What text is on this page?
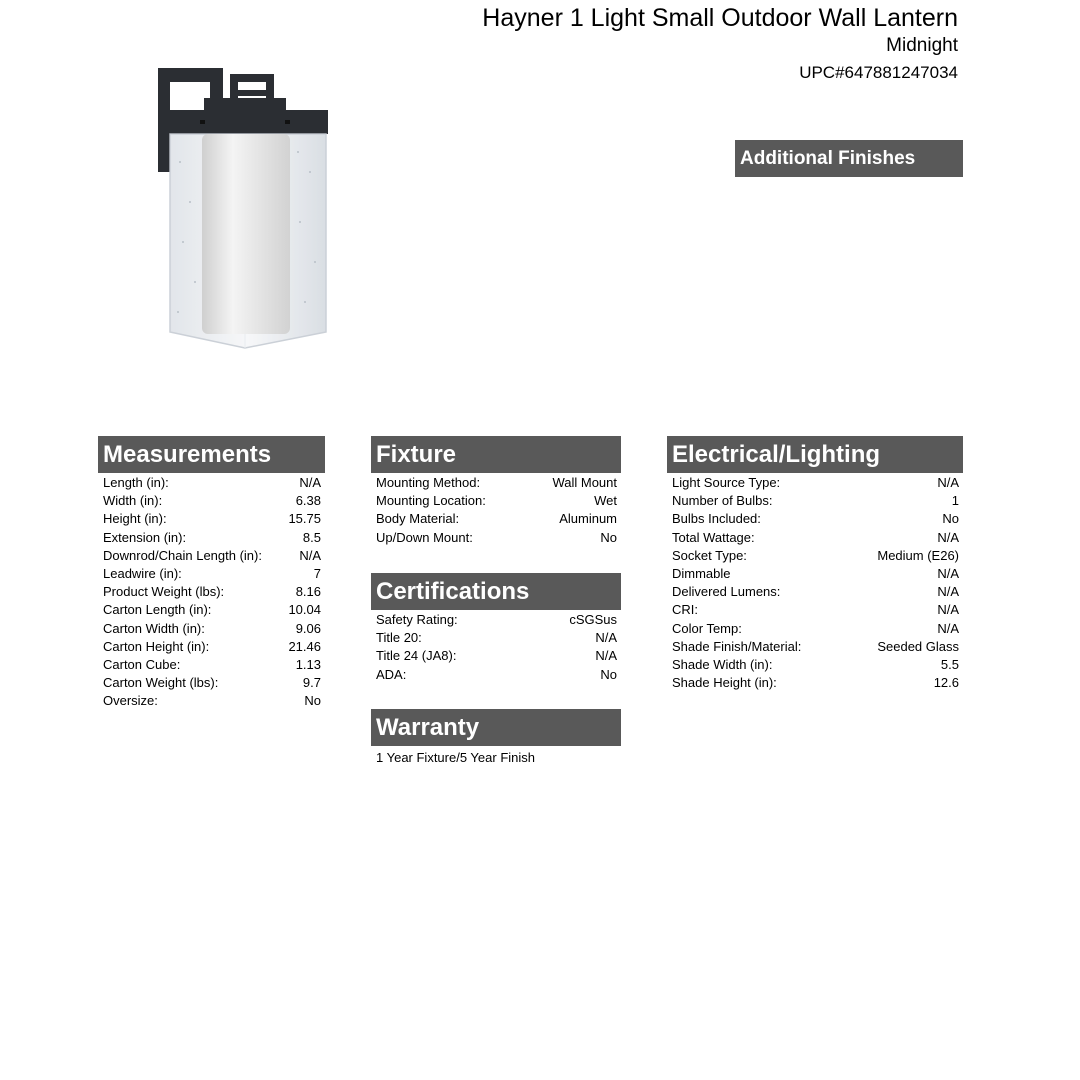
Hayner 1 Light Small Outdoor Wall Lantern
Midnight
UPC#647881247034
Additional Finishes
Measurements
Length (in):	N/A
Width (in):	6.38
Height (in):	15.75
Extension (in):	8.5
Downrod/Chain Length (in):	N/A
Leadwire (in):	7
Product Weight (lbs):	8.16
Carton Length (in):	10.04
Carton Width (in):	9.06
Carton Height (in):	21.46
Carton Cube:	1.13
Carton Weight (lbs):	9.7
Oversize:	No
Fixture
Mounting Method:	Wall Mount
Mounting Location:	Wet
Body Material:	Aluminum
Up/Down Mount:	No
Certifications
Safety Rating:	cSGSus
Title 20:	N/A
Title 24 (JA8):	N/A
ADA:	No
Warranty
1 Year Fixture/5 Year Finish
Electrical/Lighting
Light Source Type:	N/A
Number of Bulbs:	1
Bulbs Included:	No
Total Wattage:	N/A
Socket Type:	Medium (E26)
Dimmable	N/A
Delivered Lumens:	N/A
CRI:	N/A
Color Temp:	N/A
Shade Finish/Material:	Seeded Glass
Shade Width (in):	5.5
Shade Height (in):	12.6
